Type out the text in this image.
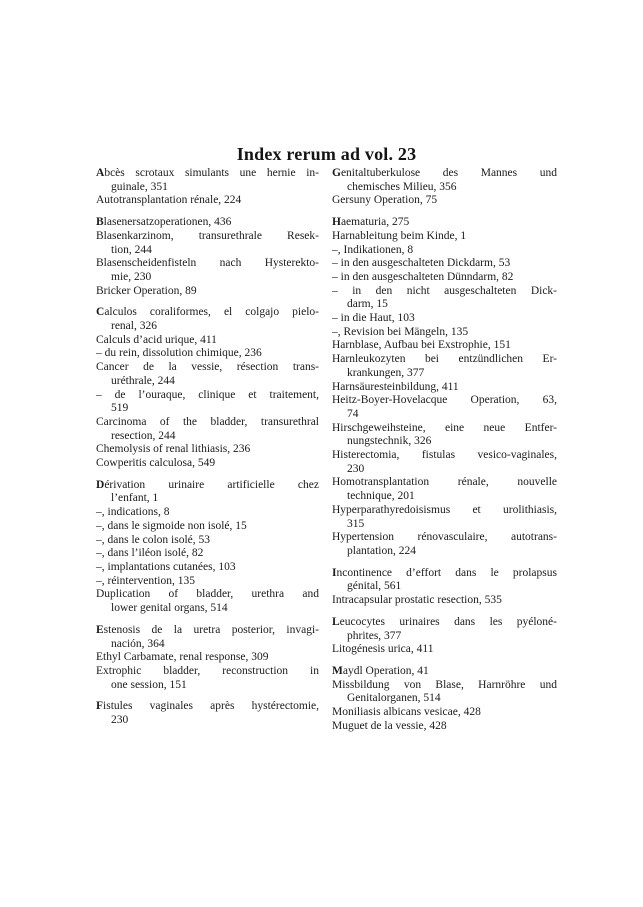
Index rerum ad vol. 23
Abcès scrotaux simulants une hernie in-
guinale, 351
Autotransplantation rénale, 224
Blasenersatzoperationen, 436
Blasenkarzinom, transurethrale Resek-
tion, 244
Blasenscheidenfisteln nach Hysterekto-
mie, 230
Bricker Operation, 89
Calculos coraliformes, el colgajo pielo-
renal, 326
Calculs d’acid urique, 411
– du rein, dissolution chimique, 236
Cancer de la vessie, résection trans-
uréthrale, 244
– de l’ouraque, clinique et traitement,
519
Carcinoma of the bladder, transurethral
resection, 244
Chemolysis of renal lithiasis, 236
Cowperitis calculosa, 549
Dérivation urinaire artificielle chez
l’enfant, 1
–, indications, 8
–, dans le sigmoide non isolé, 15
–, dans le colon isolé, 53
–, dans l’iléon isolé, 82
–, implantations cutanées, 103
–, réintervention, 135
Duplication of bladder, urethra and
lower genital organs, 514
Estenosis de la uretra posterior, invagi-
nación, 364
Ethyl Carbamate, renal response, 309
Extrophic bladder, reconstruction in
one session, 151
Fistules vaginales après hystérectomie,
230
Genitaltuberkulose des Mannes und
chemisches Milieu, 356
Gersuny Operation, 75
Haematuria, 275
Harnableitung beim Kinde, 1
–, Indikationen, 8
– in den ausgeschalteten Dickdarm, 53
– in den ausgeschalteten Dünndarm, 82
– in den nicht ausgeschalteten Dick-
darm, 15
– in die Haut, 103
–, Revision bei Mängeln, 135
Harnblase, Aufbau bei Exstrophie, 151
Harnleukozyten bei entzündlichen Er-
krankungen, 377
Harnsäuresteinbildung, 411
Heitz-Boyer-Hovelacque Operation, 63,
74
Hirschgeweihsteine, eine neue Entfer-
nungstechnik, 326
Histerectomia, fistulas vesico-vaginales,
230
Homotransplantation rénale, nouvelle
technique, 201
Hyperparathyredoisismus et urolithiasis,
315
Hypertension rénovasculaire, autotrans-
plantation, 224
Incontinence d’effort dans le prolapsus
génital, 561
Intracapsular prostatic resection, 535
Leucocytes urinaires dans les pyéloné-
phrites, 377
Litogénesis urica, 411
Maydl Operation, 41
Missbildung von Blase, Harnröhre und
Genitalorganen, 514
Moniliasis albicans vesicae, 428
Muguet de la vessie, 428
